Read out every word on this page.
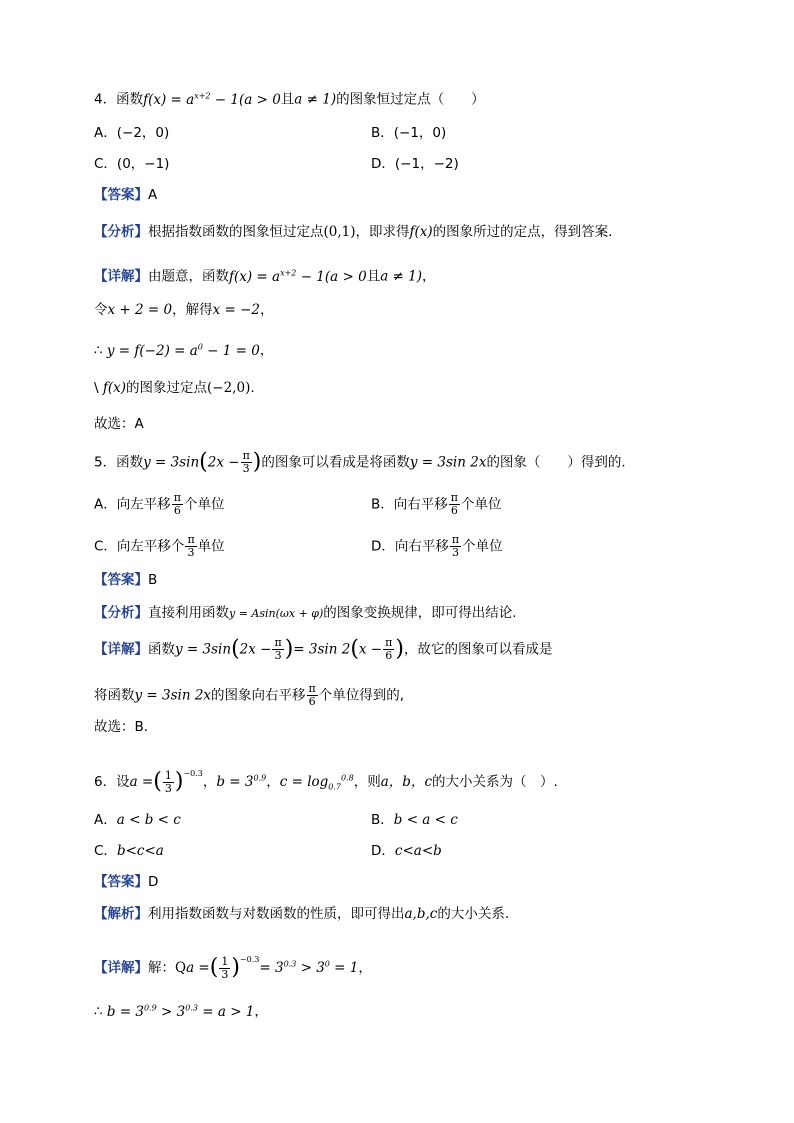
4．函数$f(x) = a^{x+2} - 1(a > 0$且a ≠ 1)的图象恒过定点（　　）
A．(−2，0)	B．(−1，0)
C．(0，−1)	D．(−1，−2)
【答案】A
【分析】根据指数函数的图象恒过定点(0,1)，即求得f(x)的图象所过的定点，得到答案.
【详解】由题意，函数$f(x) = a^{x+2} - 1(a > 0$且a ≠ 1)，
令x + 2 = 0，解得x = −2，
∴ $y = f(-2) = a^0 - 1 = 0$，
\ f(x)的图象过定点(−2,0).
故选：A
5．函数$y = 3\sin(2x - \frac{\pi}{3}$ )的图象可以看成是将函数y = 3sin 2x的图象（　　）得到的.
A．向左平移 $\frac{\pi}{6}$ 个单位	B．向右平移 $\frac{\pi}{6}$ 个单位
C．向左平移个 $\frac{\pi}{3}$ 单位	D．向右平移 $\frac{\pi}{3}$ 个单位
【答案】B
【分析】直接利用函数y = Asin(ωx + φ)的图象变换规律，即可得出结论.
【详解】函数$y = 3\sin(2x - \frac{\pi}{3}$ )= 3sin $2(x - \frac{\pi}{6}$ )，故它的图象可以看成是
将函数y = 3sin 2x的图象向右平移 $\frac{\pi}{6}$ 个单位得到的,
故选：B．
6．设a =( $\frac{1}{3} )^{-0.3}$，$b = 3^{0.9}$，$c = \log_{0.7}^{0.8}$，则a，b，c的大小关系为（　）.
A．a < b < c	B．b < a < c
C．b<c<a	D．c<a<b
【答案】D
【解析】利用指数函数与对数函数的性质，即可得出a,b,c的大小关系.
【详解】解：Qa =( $\frac{1}{3} )^{-0.3}= 3^{0.3} > 3^0 = 1$，
∴ $b = 3^{0.9} > 3^{0.3} = a > 1$，
